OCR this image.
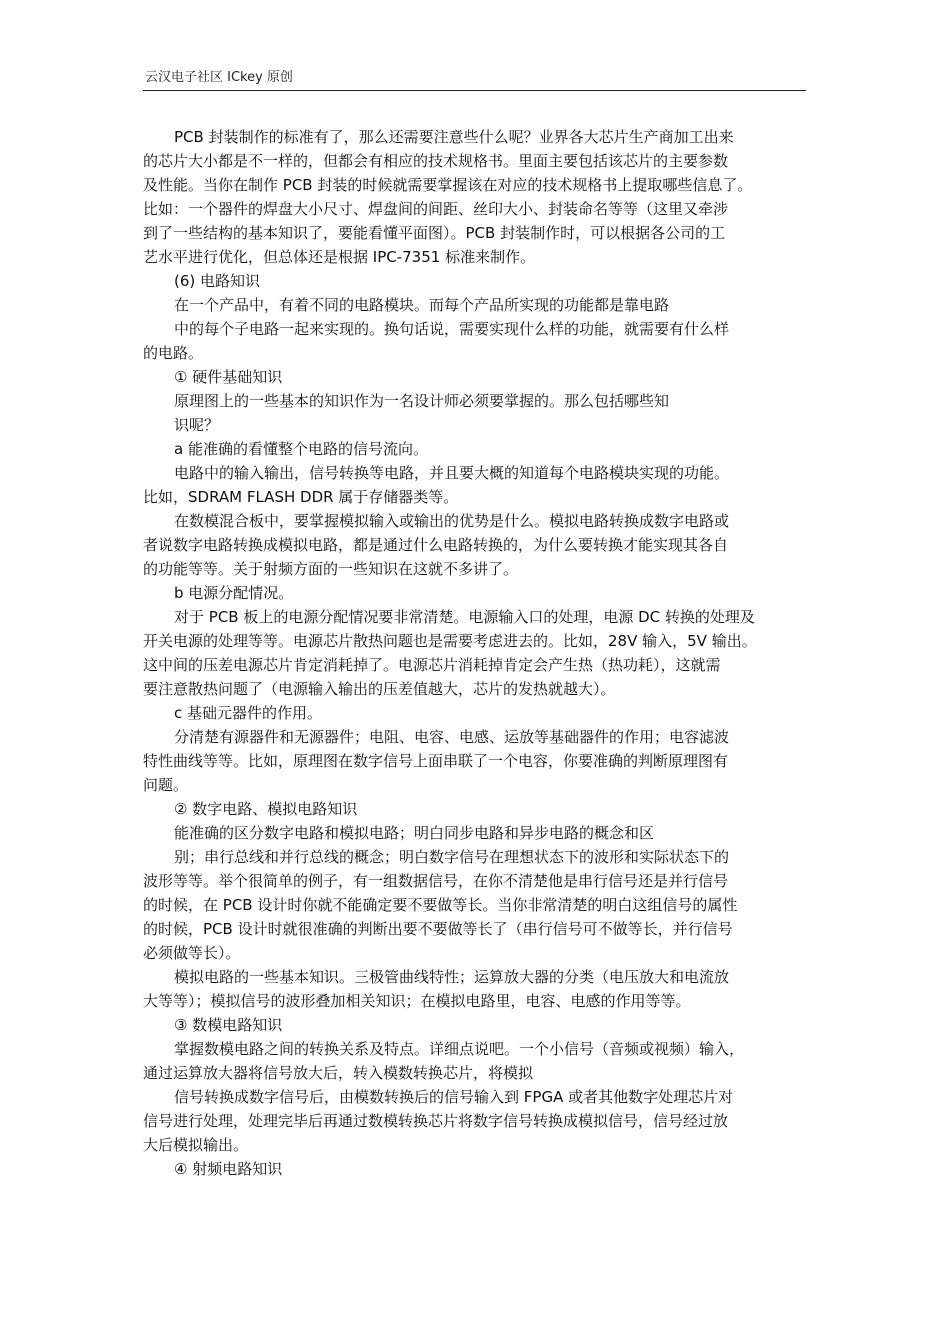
云汉电子社区 ICkey 原创
PCB 封装制作的标准有了，那么还需要注意些什么呢？业界各大芯片生产商加工出来
的芯片大小都是不一样的，但都会有相应的技术规格书。里面主要包括该芯片的主要参数
及性能。当你在制作 PCB 封装的时候就需要掌握该在对应的技术规格书上提取哪些信息了。
比如：一个器件的焊盘大小尺寸、焊盘间的间距、丝印大小、封装命名等等（这里又牵涉
到了一些结构的基本知识了，要能看懂平面图）。PCB 封装制作时，可以根据各公司的工
艺水平进行优化，但总体还是根据 IPC-7351 标准来制作。
(6) 电路知识
在一个产品中，有着不同的电路模块。而每个产品所实现的功能都是靠电路
中的每个子电路一起来实现的。换句话说，需要实现什么样的功能，就需要有什么样
的电路。
① 硬件基础知识
原理图上的一些基本的知识作为一名设计师必须要掌握的。那么包括哪些知
识呢？
a 能准确的看懂整个电路的信号流向。
电路中的输入输出，信号转换等电路，并且要大概的知道每个电路模块实现的功能。
比如，SDRAM FLASH DDR 属于存储器类等。
在数模混合板中，要掌握模拟输入或输出的优势是什么。模拟电路转换成数字电路或
者说数字电路转换成模拟电路，都是通过什么电路转换的，为什么要转换才能实现其各自
的功能等等。关于射频方面的一些知识在这就不多讲了。
b 电源分配情况。
对于 PCB 板上的电源分配情况要非常清楚。电源输入口的处理，电源 DC 转换的处理及
开关电源的处理等等。电源芯片散热问题也是需要考虑进去的。比如，28V 输入，5V 输出。
这中间的压差电源芯片肯定消耗掉了。电源芯片消耗掉肯定会产生热（热功耗），这就需
要注意散热问题了（电源输入输出的压差值越大，芯片的发热就越大）。
c 基础元器件的作用。
分清楚有源器件和无源器件；电阻、电容、电感、运放等基础器件的作用；电容滤波
特性曲线等等。比如，原理图在数字信号上面串联了一个电容，你要准确的判断原理图有
问题。
② 数字电路、模拟电路知识
能准确的区分数字电路和模拟电路；明白同步电路和异步电路的概念和区
别；串行总线和并行总线的概念；明白数字信号在理想状态下的波形和实际状态下的
波形等等。举个很简单的例子，有一组数据信号，在你不清楚他是串行信号还是并行信号
的时候，在 PCB 设计时你就不能确定要不要做等长。当你非常清楚的明白这组信号的属性
的时候，PCB 设计时就很准确的判断出要不要做等长了（串行信号可不做等长，并行信号
必须做等长）。
模拟电路的一些基本知识。三极管曲线特性；运算放大器的分类（电压放大和电流放
大等等）；模拟信号的波形叠加相关知识；在模拟电路里，电容、电感的作用等等。
③ 数模电路知识
掌握数模电路之间的转换关系及特点。详细点说吧。一个小信号（音频或视频）输入，
通过运算放大器将信号放大后，转入模数转换芯片，将模拟
信号转换成数字信号后，由模数转换后的信号输入到 FPGA 或者其他数字处理芯片对
信号进行处理，处理完毕后再通过数模转换芯片将数字信号转换成模拟信号，信号经过放
大后模拟输出。
④ 射频电路知识
